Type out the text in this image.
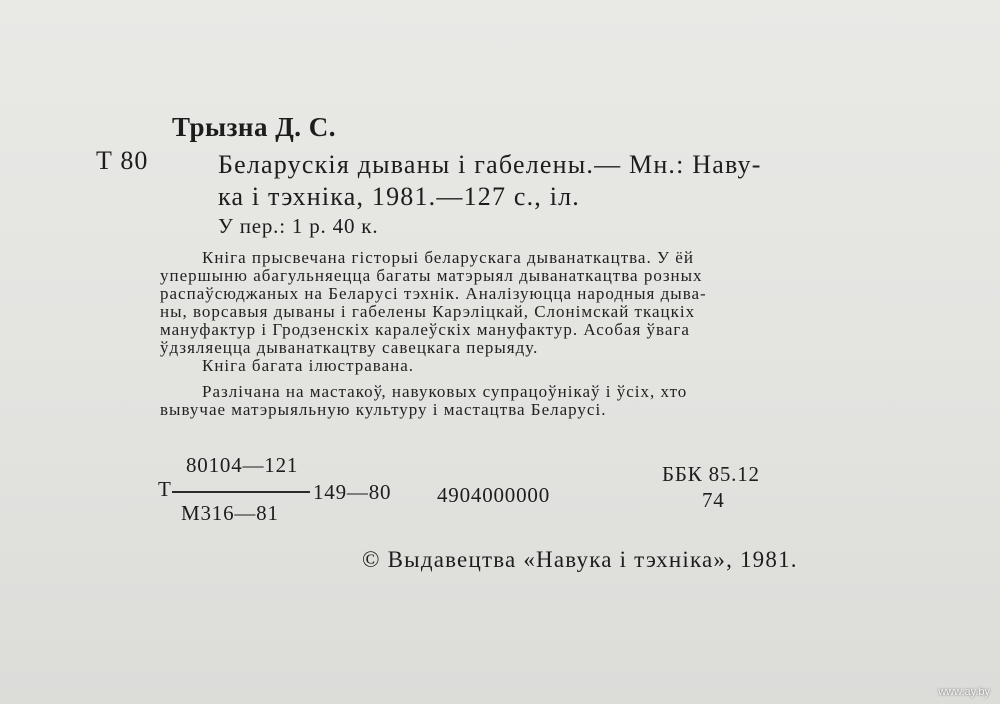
Трызна Д. С.
Т 80	Беларускія дываны і габелены.— Мн.: Наву-
ка і тэхніка, 1981.—127 с., іл.
У пер.: 1 р. 40 к.
Кніга прысвечана гісторыі беларускага дыванаткацтва. У ёй
упершыню абагульняецца багаты матэрыял дыванаткацтва розных
распаўсюджаных на Беларусі тэхнік. Аналізуюцца народныя дыва-
ны, ворсавыя дываны і габелены Карэліцкай, Слонімскай ткацкіх
мануфактур і Гродзенскіх каралеўскіх мануфактур. Асобая ўвага
ўдзяляецца дыванаткацтву савецкага перыяду.
Кніга багата ілюстравана.
Разлічана на мастакоў, навуковых супрацоўнікаў і ўсіх, хто
вывучае матэрыяльную культуру і мастацтва Беларусі.
80104—121
Т	149—80 4904000000
М316—81
ББК 85.12
74
© Выдавецтва «Навука і тэхніка», 1981.
www.ay.by
